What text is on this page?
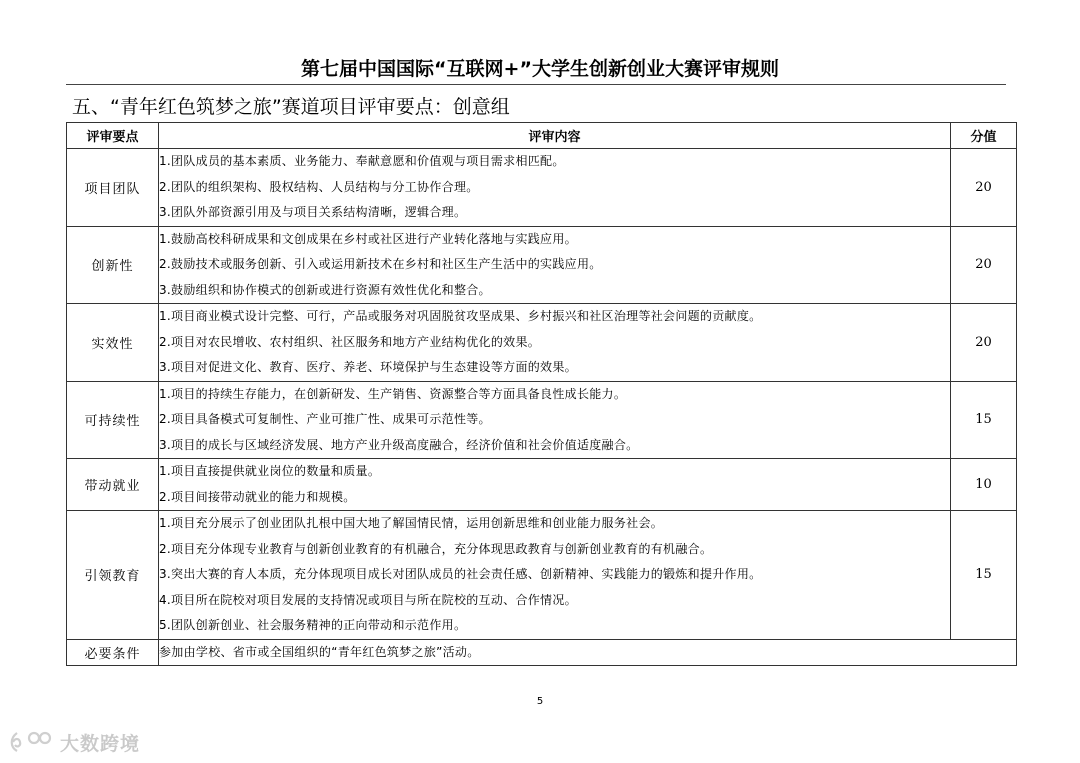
第七届中国国际“互联网+”大学生创新创业大赛评审规则
五、“青年红色筑梦之旅”赛道项目评审要点：创意组
评审要点	评审内容	分值
项目团队	1.团队成员的基本素质、业务能力、奉献意愿和价值观与项目需求相匹配。
2.团队的组织架构、股权结构、人员结构与分工协作合理。
3.团队外部资源引用及与项目关系结构清晰，逻辑合理。	20
创新性	1.鼓励高校科研成果和文创成果在乡村或社区进行产业转化落地与实践应用。
2.鼓励技术或服务创新、引入或运用新技术在乡村和社区生产生活中的实践应用。
3.鼓励组织和协作模式的创新或进行资源有效性优化和整合。	20
实效性	1.项目商业模式设计完整、可行，产品或服务对巩固脱贫攻坚成果、乡村振兴和社区治理等社会问题的贡献度。
2.项目对农民增收、农村组织、社区服务和地方产业结构优化的效果。
3.项目对促进文化、教育、医疗、养老、环境保护与生态建设等方面的效果。	20
可持续性	1.项目的持续生存能力，在创新研发、生产销售、资源整合等方面具备良性成长能力。
2.项目具备模式可复制性、产业可推广性、成果可示范性等。
3.项目的成长与区域经济发展、地方产业升级高度融合，经济价值和社会价值适度融合。	15
带动就业	1.项目直接提供就业岗位的数量和质量。
2.项目间接带动就业的能力和规模。	10
引领教育	1.项目充分展示了创业团队扎根中国大地了解国情民情，运用创新思维和创业能力服务社会。
2.项目充分体现专业教育与创新创业教育的有机融合，充分体现思政教育与创新创业教育的有机融合。
3.突出大赛的育人本质，充分体现项目成长对团队成员的社会责任感、创新精神、实践能力的锻炼和提升作用。
4.项目所在院校对项目发展的支持情况或项目与所在院校的互动、合作情况。
5.团队创新创业、社会服务精神的正向带动和示范作用。	15
必要条件	参加由学校、省市或全国组织的“青年红色筑梦之旅”活动。	
5
大数跨境
